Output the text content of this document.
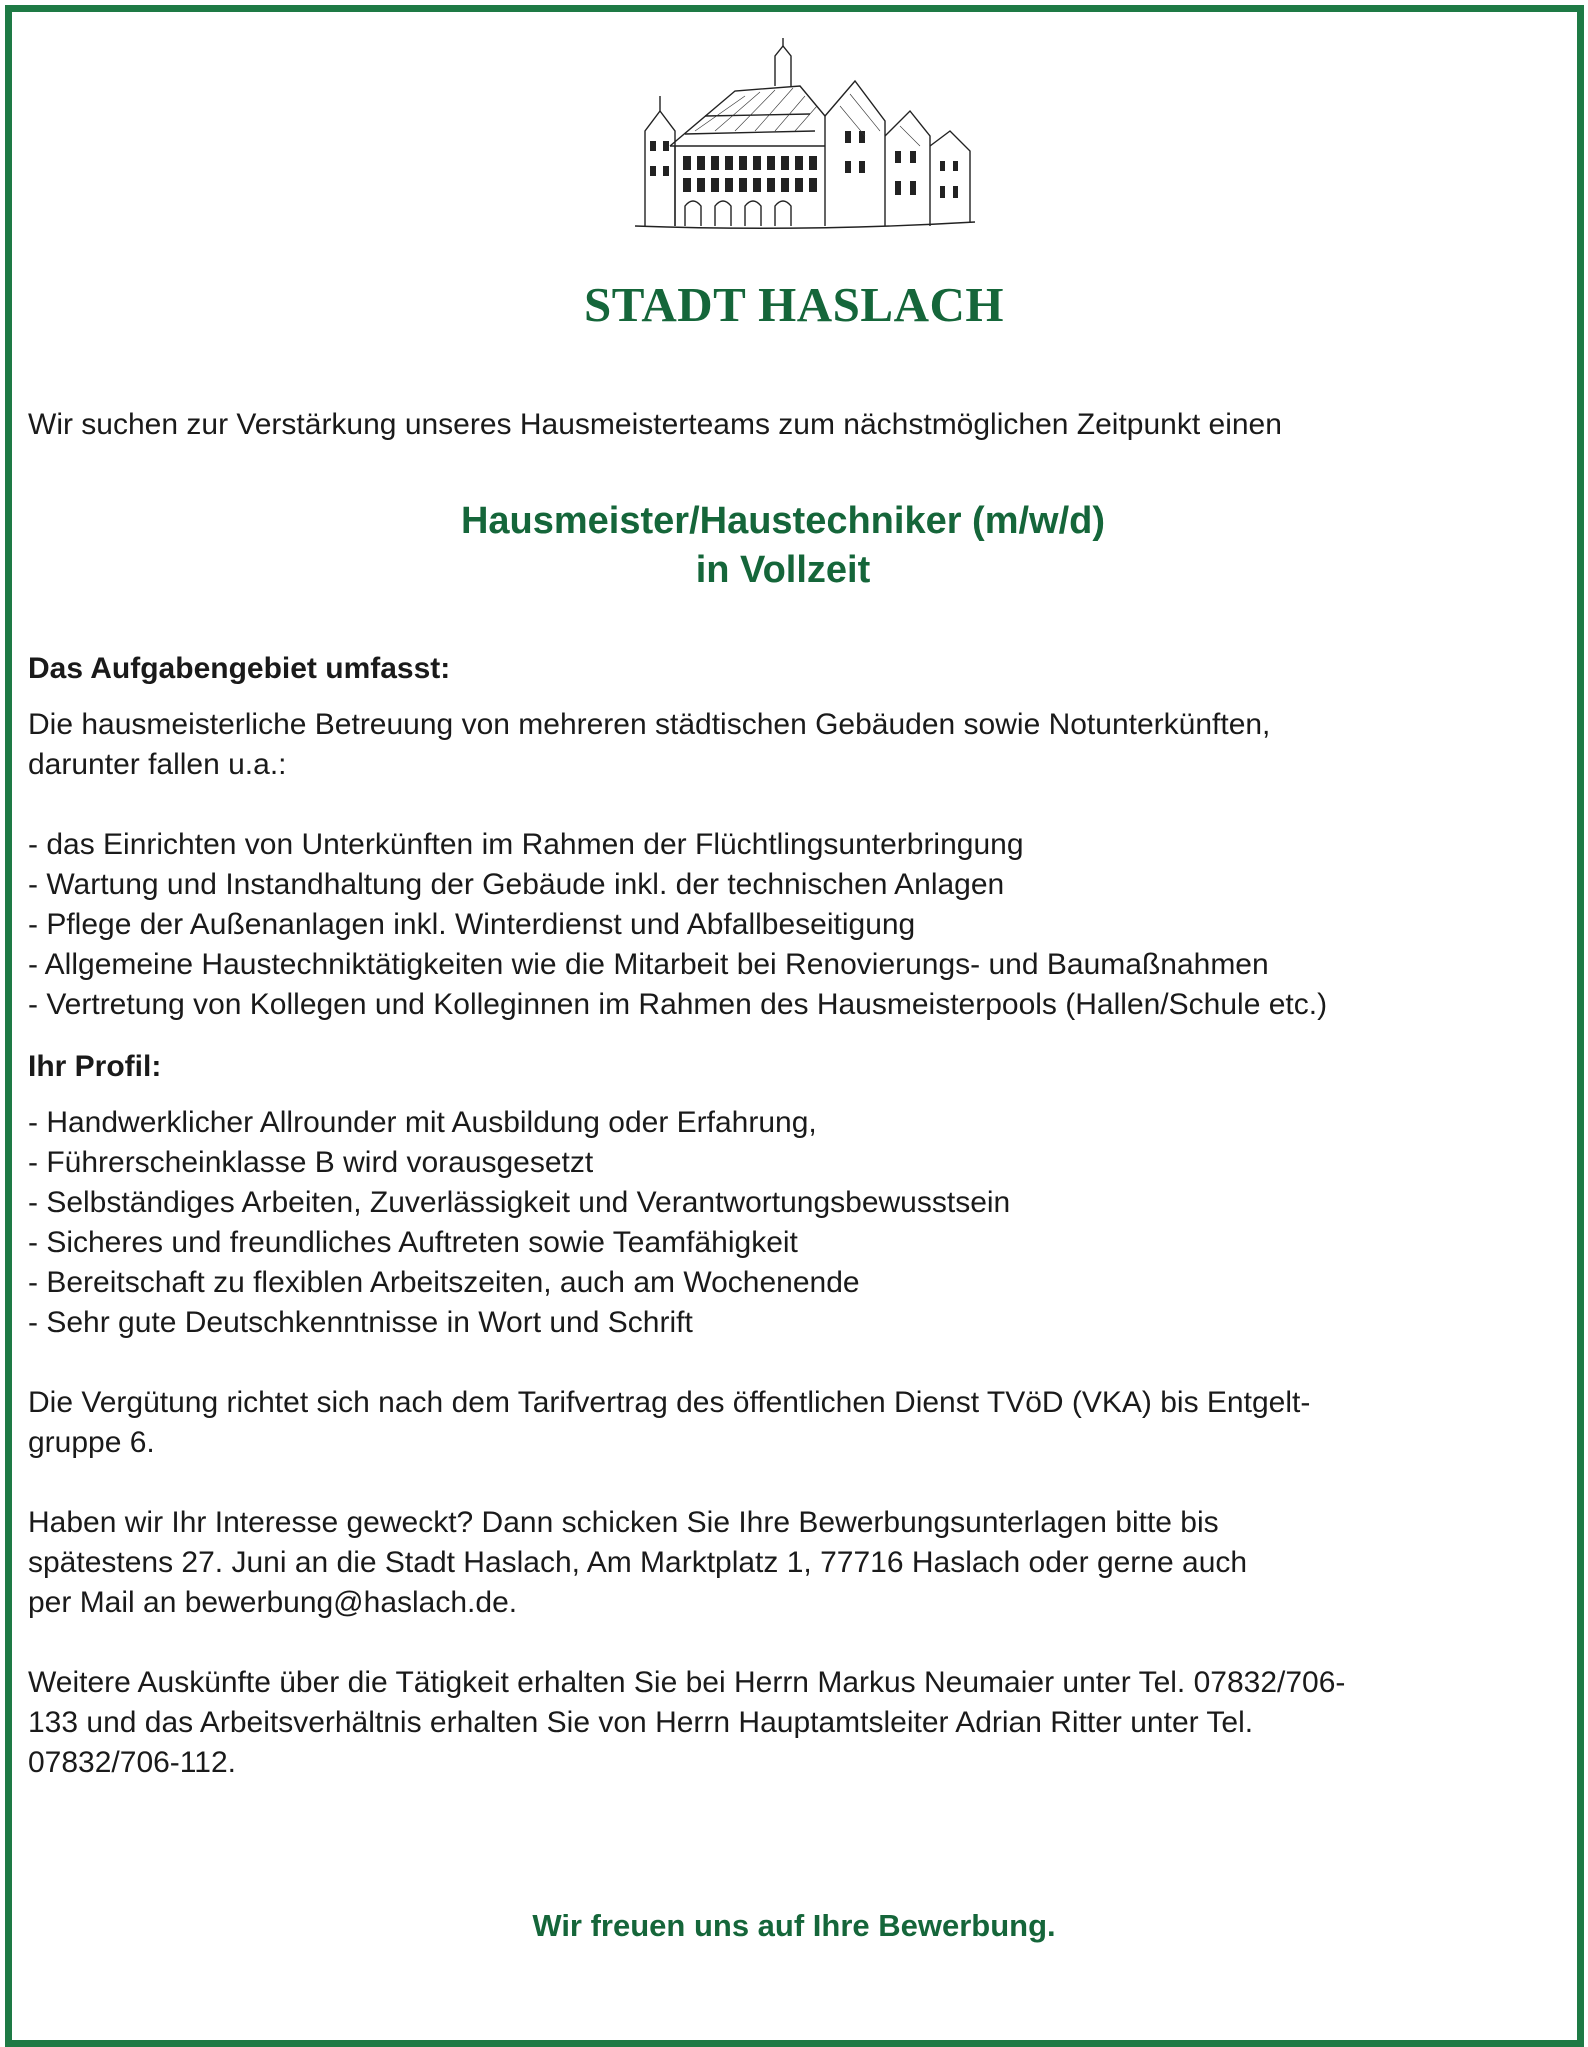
STADT HASLACH
Wir suchen zur Verstärkung unseres Hausmeisterteams zum nächstmöglichen Zeitpunkt einen
Hausmeister/Haustechniker (m/w/d)
in Vollzeit
Das Aufgabengebiet umfasst:
Die hausmeisterliche Betreuung von mehreren städtischen Gebäuden sowie Notunterkünften,
darunter fallen u.a.:
- das Einrichten von Unterkünften im Rahmen der Flüchtlingsunterbringung
- Wartung und Instandhaltung der Gebäude inkl. der technischen Anlagen
- Pflege der Außenanlagen inkl. Winterdienst und Abfallbeseitigung
- Allgemeine Haustechniktätigkeiten wie die Mitarbeit bei Renovierungs- und Baumaßnahmen
- Vertretung von Kollegen und Kolleginnen im Rahmen des Hausmeisterpools (Hallen/Schule etc.)
Ihr Profil:
- Handwerklicher Allrounder mit Ausbildung oder Erfahrung,
- Führerscheinklasse B wird vorausgesetzt
- Selbständiges Arbeiten, Zuverlässigkeit und Verantwortungsbewusstsein
- Sicheres und freundliches Auftreten sowie Teamfähigkeit
- Bereitschaft zu flexiblen Arbeitszeiten, auch am Wochenende
- Sehr gute Deutschkenntnisse in Wort und Schrift
Die Vergütung richtet sich nach dem Tarifvertrag des öffentlichen Dienst TVöD (VKA) bis Entgelt-
gruppe 6.
Haben wir Ihr Interesse geweckt? Dann schicken Sie Ihre Bewerbungsunterlagen bitte bis
spätestens 27. Juni an die Stadt Haslach, Am Marktplatz 1, 77716 Haslach oder gerne auch
per Mail an bewerbung@haslach.de.
Weitere Auskünfte über die Tätigkeit erhalten Sie bei Herrn Markus Neumaier unter Tel. 07832/706-
133 und das Arbeitsverhältnis erhalten Sie von Herrn Hauptamtsleiter Adrian Ritter unter Tel.
07832/706-112.
Wir freuen uns auf Ihre Bewerbung.
